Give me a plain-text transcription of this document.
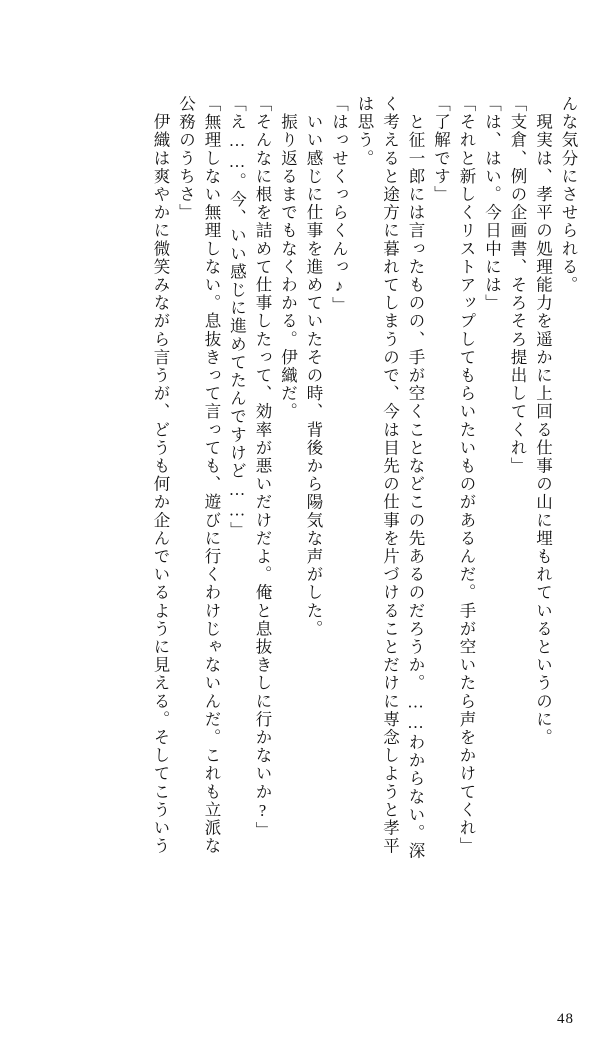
んな気分にさせられる。
　現実は、孝平の処理能力を遥かに上回る仕事の山に埋もれているというのに。
「支倉、例の企画書、そろそろ提出してくれ」
「は、はい。今日中には」
「それと新しくリストアップしてもらいたいものがあるんだ。手が空いたら声をかけてくれ」
「了解です」
　と征一郎には言ったものの、手が空くことなどこの先あるのだろうか。……わからない。深
く考えると途方に暮れてしまうので、今は目先の仕事を片づけることだけに専念しようと孝平
は思う。
「はっせくっらくんっ♪」
　いい感じに仕事を進めていたその時、背後から陽気な声がした。
　振り返るまでもなくわかる。伊織だ。
「そんなに根を詰めて仕事したって、効率が悪いだけだよ。俺と息抜きしに行かないか?」
「え……。今、いい感じに進めてたんですけど……」
「無理しない無理しない。息抜きって言っても、遊びに行くわけじゃないんだ。これも立派な
公務のうちさ」
　伊織は爽やかに微笑みながら言うが、どうも何か企んでいるように見える。そしてこういう
48
